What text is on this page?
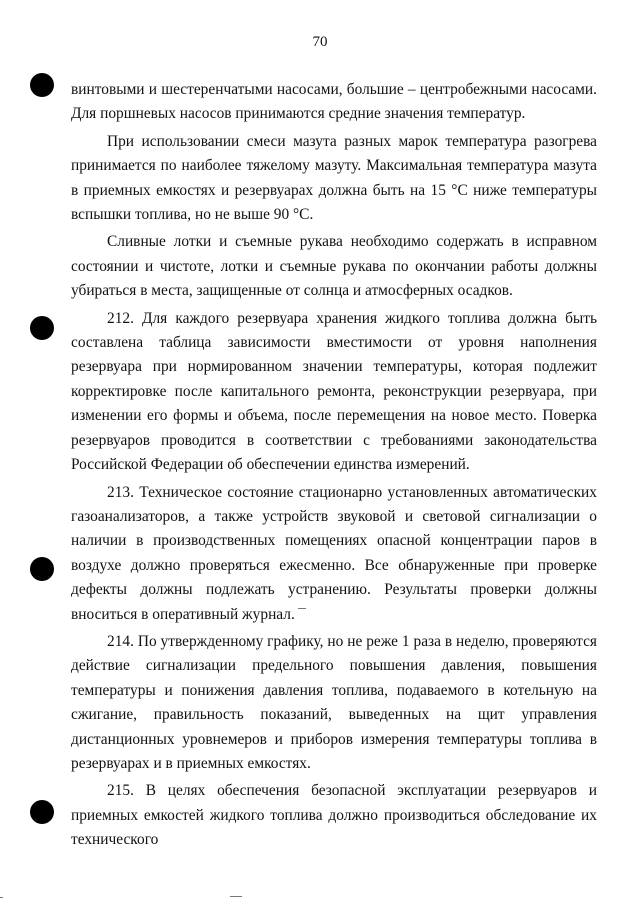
70

винтовыми и шестеренчатыми насосами, большие – центробежными насосами. Для поршневых насосов принимаются средние значения температур.

При использовании смеси мазута разных марок температура разогрева принимается по наиболее тяжелому мазуту. Максимальная температура мазута в приемных емкостях и резервуарах должна быть на 15 °С ниже температуры вспышки топлива, но не выше 90 °С.

Сливные лотки и съемные рукава необходимо содержать в исправном состоянии и чистоте, лотки и съемные рукава по окончании работы должны убираться в места, защищенные от солнца и атмосферных осадков.

212. Для каждого резервуара хранения жидкого топлива должна быть составлена таблица зависимости вместимости от уровня наполнения резервуара при нормированном значении температуры, которая подлежит корректировке после капитального ремонта, реконструкции резервуара, при изменении его формы и объема, после перемещения на новое место. Поверка резервуаров проводится в соответствии с требованиями законодательства Российской Федерации об обеспечении единства измерений.

213. Техническое состояние стационарно установленных автоматических газоанализаторов, а также устройств звуковой и световой сигнализации о наличии в производственных помещениях опасной концентрации паров в воздухе должно проверяться ежесменно. Все обнаруженные при проверке дефекты должны подлежать устранению. Результаты проверки должны вноситься в оперативный журнал.

214. По утвержденному графику, но не реже 1 раза в неделю, проверяются действие сигнализации предельного повышения давления, повышения температуры и понижения давления топлива, подаваемого в котельную на сжигание, правильность показаний, выведенных на щит управления дистанционных уровнемеров и приборов измерения температуры топлива в резервуарах и в приемных емкостях.

215. В целях обеспечения безопасной эксплуатации резервуаров и приемных емкостей жидкого топлива должно производиться обследование их технического
